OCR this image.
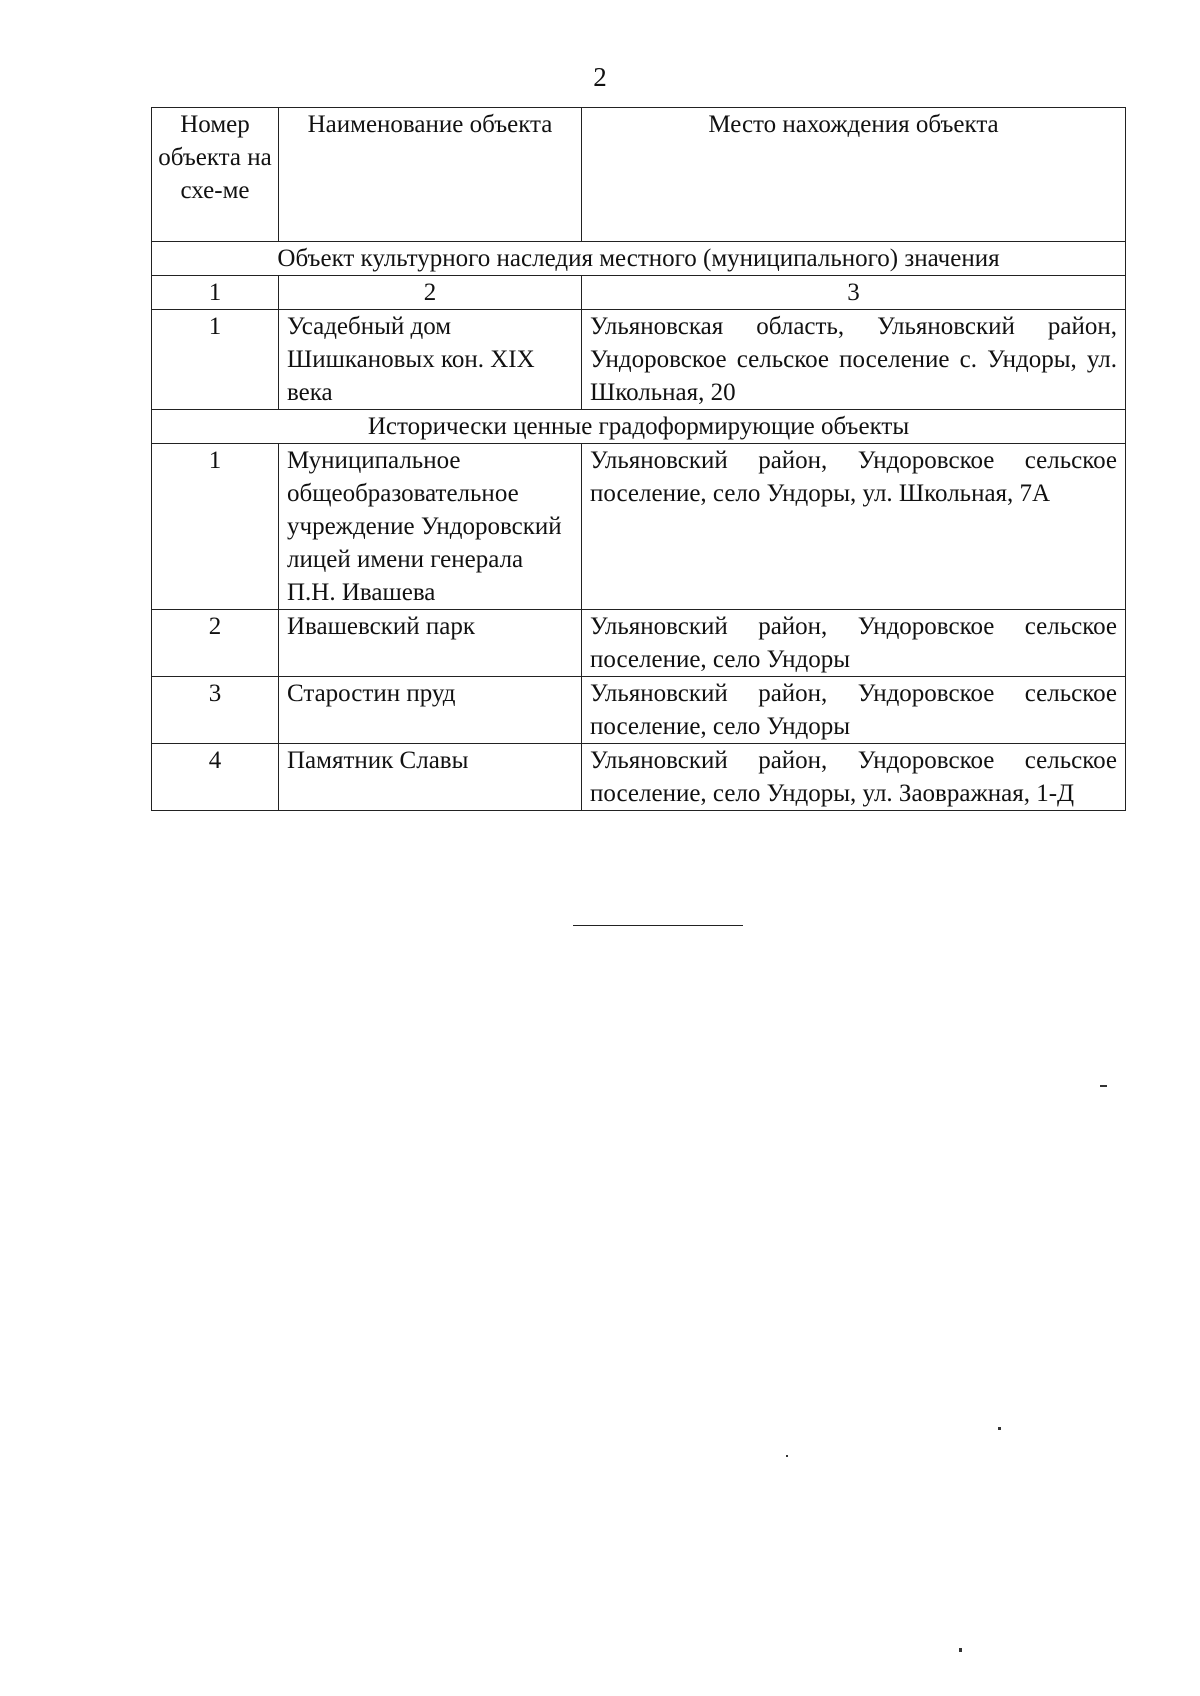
2
Номер объекта на схе-ме	Наименование объекта	Место нахождения объекта
Объект культурного наследия местного (муниципального) значения		
1	2	3
1	Усадебный дом Шишкановых кон. XIX века	Ульяновская область, Ульяновский район, Ундоровское сельское поселение с. Ундоры, ул. Школьная, 20
Исторически ценные градоформирующие объекты		
1	Муниципальное общеобразовательное учреждение Ундоровский лицей имени генерала П.Н. Ивашева	Ульяновский район, Ундоровское сельское поселение, село Ундоры, ул. Школьная, 7А
2	Ивашевский парк	Ульяновский район, Ундоровское сельское поселение, село Ундоры
3	Старостин пруд	Ульяновский район, Ундоровское сельское поселение, село Ундоры
4	Памятник Славы	Ульяновский район, Ундоровское сельское поселение, село Ундоры, ул. Заовражная, 1-Д
